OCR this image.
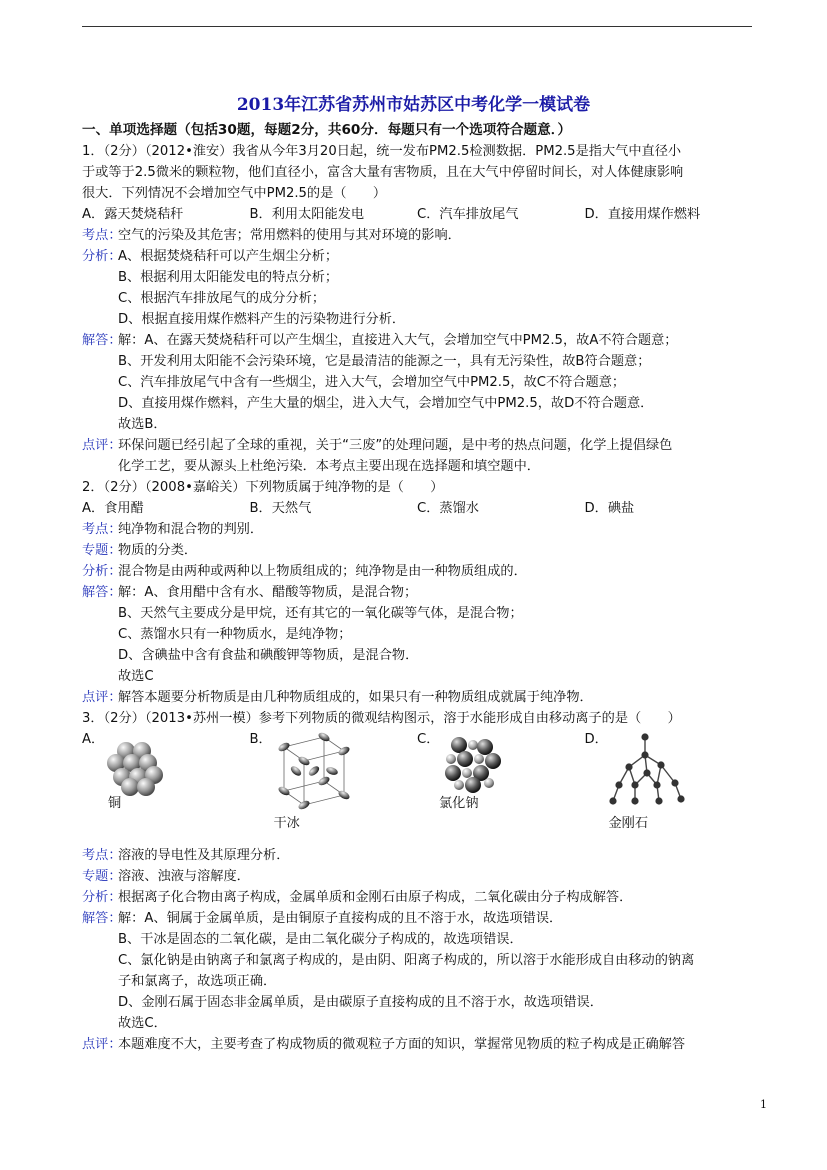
2013年江苏省苏州市姑苏区中考化学一模试卷
一、单项选择题（包括30题，每题2分，共60分．每题只有一个选项符合题意．）
1．（2分）（2012•淮安）我省从今年3月20日起，统一发布PM2.5检测数据．PM2.5是指大气中直径小
于或等于2.5微米的颗粒物，他们直径小，富含大量有害物质，且在大气中停留时间长，对人体健康影响
很大．下列情况不会增加空气中PM2.5的是（　　）
A．露天焚烧秸秆	B．利用太阳能发电	C．汽车排放尾气	D．直接用煤作燃料
考点：空气的污染及其危害；常用燃料的使用与其对环境的影响．
分析：A、根据焚烧秸秆可以产生烟尘分析；
B、根据利用太阳能发电的特点分析；
C、根据汽车排放尾气的成分分析；
D、根据直接用煤作燃料产生的污染物进行分析．
解答：解：A、在露天焚烧秸秆可以产生烟尘，直接进入大气，会增加空气中PM2.5，故A不符合题意；
B、开发利用太阳能不会污染环境，它是最清洁的能源之一，具有无污染性，故B符合题意；
C、汽车排放尾气中含有一些烟尘，进入大气，会增加空气中PM2.5，故C不符合题意；
D、直接用煤作燃料，产生大量的烟尘，进入大气，会增加空气中PM2.5，故D不符合题意．
故选B．
点评：环保问题已经引起了全球的重视，关于“三废”的处理问题，是中考的热点问题，化学上提倡绿色
化学工艺，要从源头上杜绝污染．本考点主要出现在选择题和填空题中．
2．（2分）（2008•嘉峪关）下列物质属于纯净物的是（　　）
A．食用醋	B．天然气	C．蒸馏水	D．碘盐
考点：纯净物和混合物的判别．
专题：物质的分类．
分析：混合物是由两种或两种以上物质组成的；纯净物是由一种物质组成的．
解答：解：A、食用醋中含有水、醋酸等物质，是混合物；
B、天然气主要成分是甲烷，还有其它的一氧化碳等气体，是混合物；
C、蒸馏水只有一种物质水，是纯净物；
D、含碘盐中含有食盐和碘酸钾等物质，是混合物．
故选C
点评：解答本题要分析物质是由几种物质组成的，如果只有一种物质组成就属于纯净物．
3．（2分）（2013•苏州一模）参考下列物质的微观结构图示，溶于水能形成自由移动离子的是（　　）
A．
铜
B．
干冰
C．
氯化钠
D．
金刚石
考点：溶液的导电性及其原理分析．
专题：溶液、浊液与溶解度．
分析：根据离子化合物由离子构成，金属单质和金刚石由原子构成，二氧化碳由分子构成解答．
解答：解：A、铜属于金属单质，是由铜原子直接构成的且不溶于水，故选项错误．
B、干冰是固态的二氧化碳，是由二氧化碳分子构成的，故选项错误．
C、氯化钠是由钠离子和氯离子构成的，是由阴、阳离子构成的，所以溶于水能形成自由移动的钠离
子和氯离子，故选项正确．
D、金刚石属于固态非金属单质，是由碳原子直接构成的且不溶于水，故选项错误．
故选C．
点评：本题难度不大，主要考查了构成物质的微观粒子方面的知识，掌握常见物质的粒子构成是正确解答
1
